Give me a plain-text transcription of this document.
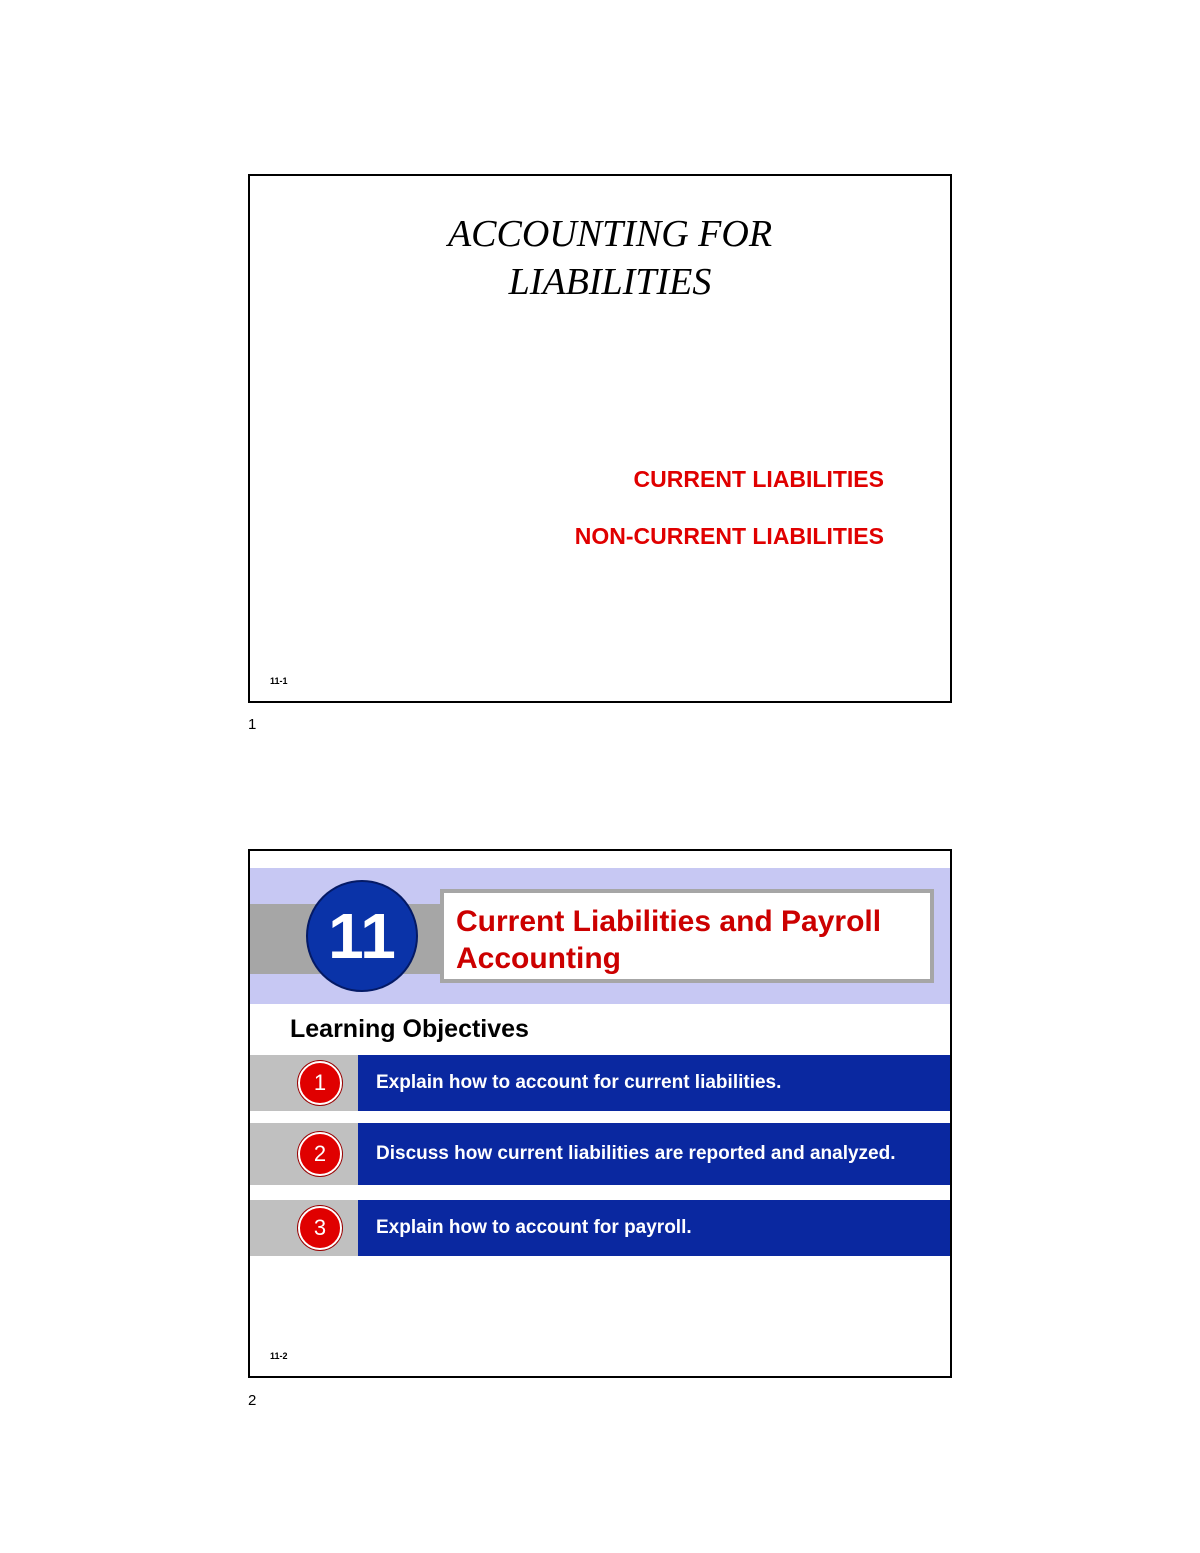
ACCOUNTING FOR
LIABILITIES
CURRENT LIABILITIES
NON-CURRENT LIABILITIES
11-1
1
11	Current Liabilities and Payroll Accounting
Learning Objectives
1	Explain how to account for current liabilities.
2	Discuss how current liabilities are reported and analyzed.
3	Explain how to account for payroll.
11-2
2
